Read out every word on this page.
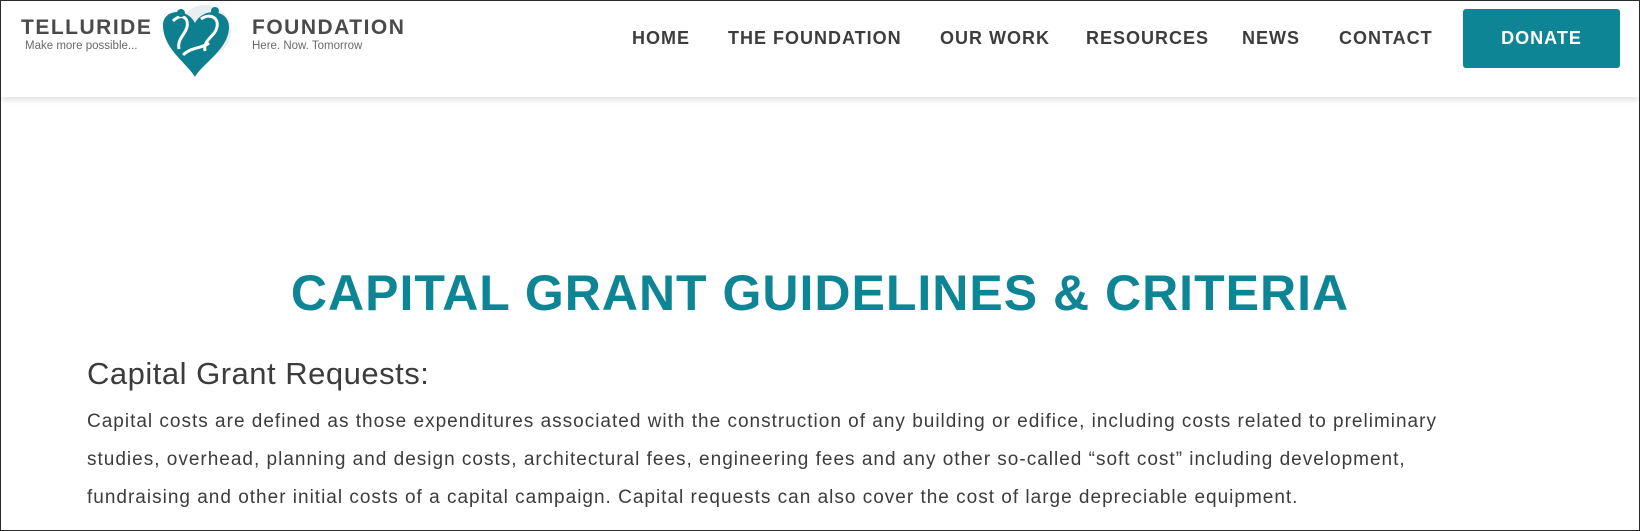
TELLURIDE
Make more possible...
FOUNDATION
Here. Now. Tomorrow	HOME THE FOUNDATION OUR WORK RESOURCES NEWS CONTACT	DONATE
CAPITAL GRANT GUIDELINES & CRITERIA
Capital Grant Requests:
Capital costs are defined as those expenditures associated with the construction of any building or edifice, including costs related to preliminary
studies, overhead, planning and design costs, architectural fees, engineering fees and any other so-called “soft cost” including development,
fundraising and other initial costs of a capital campaign. Capital requests can also cover the cost of large depreciable equipment.
